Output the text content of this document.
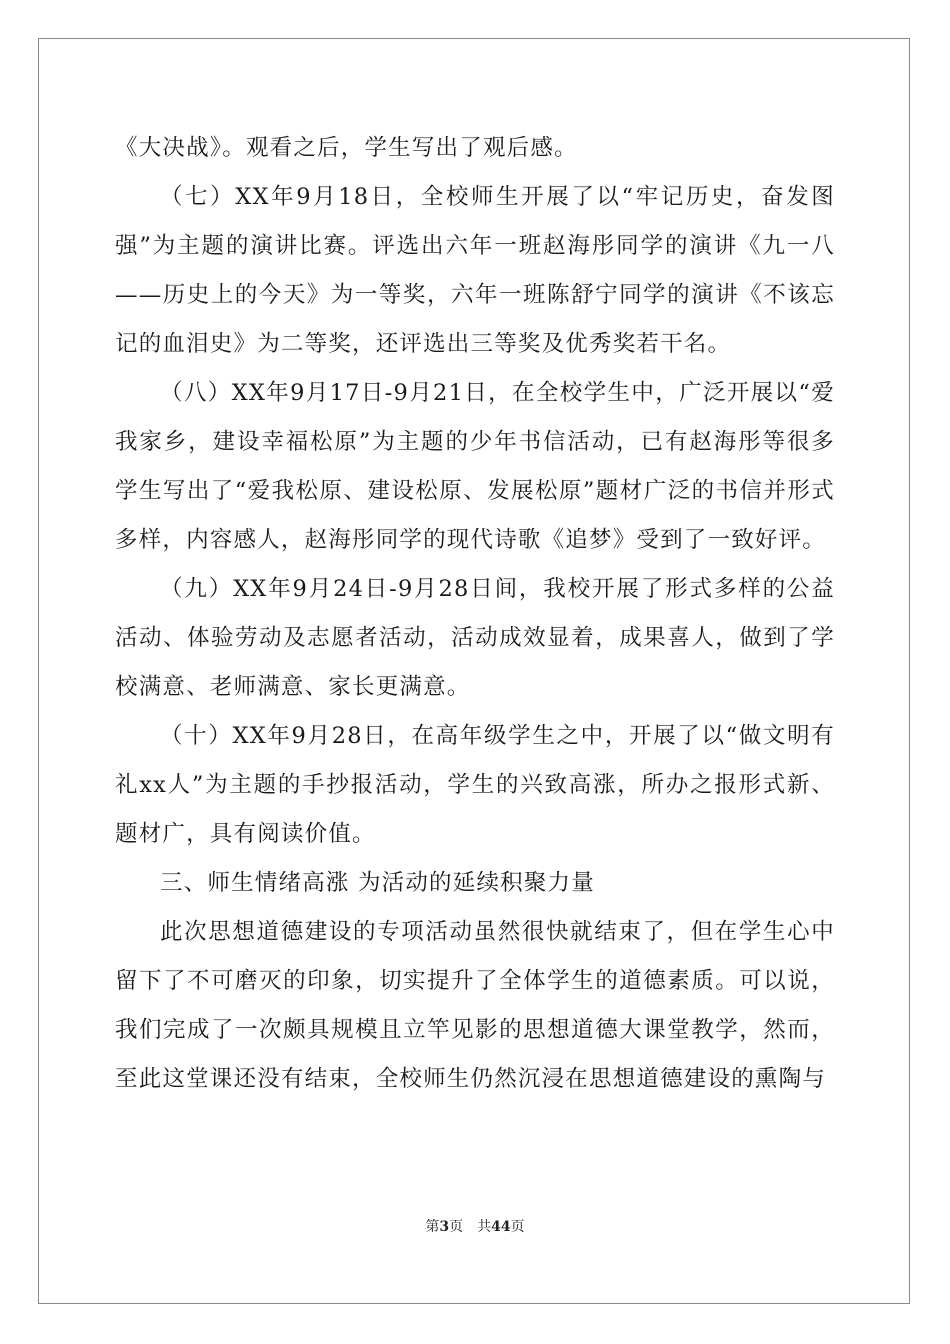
《大决战》。观看之后，学生写出了观后感。

（七）XX年9月18日，全校师生开展了以“牢记历史，奋发图强”为主题的演讲比赛。评选出六年一班赵海彤同学的演讲《九一八——历史上的今天》为一等奖，六年一班陈舒宁同学的演讲《不该忘记的血泪史》为二等奖，还评选出三等奖及优秀奖若干名。

（八）XX年9月17日-9月21日，在全校学生中，广泛开展以“爱我家乡，建设幸福松原”为主题的少年书信活动，已有赵海彤等很多学生写出了“爱我松原、建设松原、发展松原”题材广泛的书信并形式多样，内容感人，赵海彤同学的现代诗歌《追梦》受到了一致好评。

（九）XX年9月24日-9月28日间，我校开展了形式多样的公益活动、体验劳动及志愿者活动，活动成效显着，成果喜人，做到了学校满意、老师满意、家长更满意。

（十）XX年9月28日，在高年级学生之中，开展了以“做文明有礼xx人”为主题的手抄报活动，学生的兴致高涨，所办之报形式新、题材广，具有阅读价值。

三、师生情绪高涨 为活动的延续积聚力量

此次思想道德建设的专项活动虽然很快就结束了，但在学生心中留下了不可磨灭的印象，切实提升了全体学生的道德素质。可以说，我们完成了一次颇具规模且立竿见影的思想道德大课堂教学，然而，至此这堂课还没有结束，全校师生仍然沉浸在思想道德建设的熏陶与

第3页 共44页
